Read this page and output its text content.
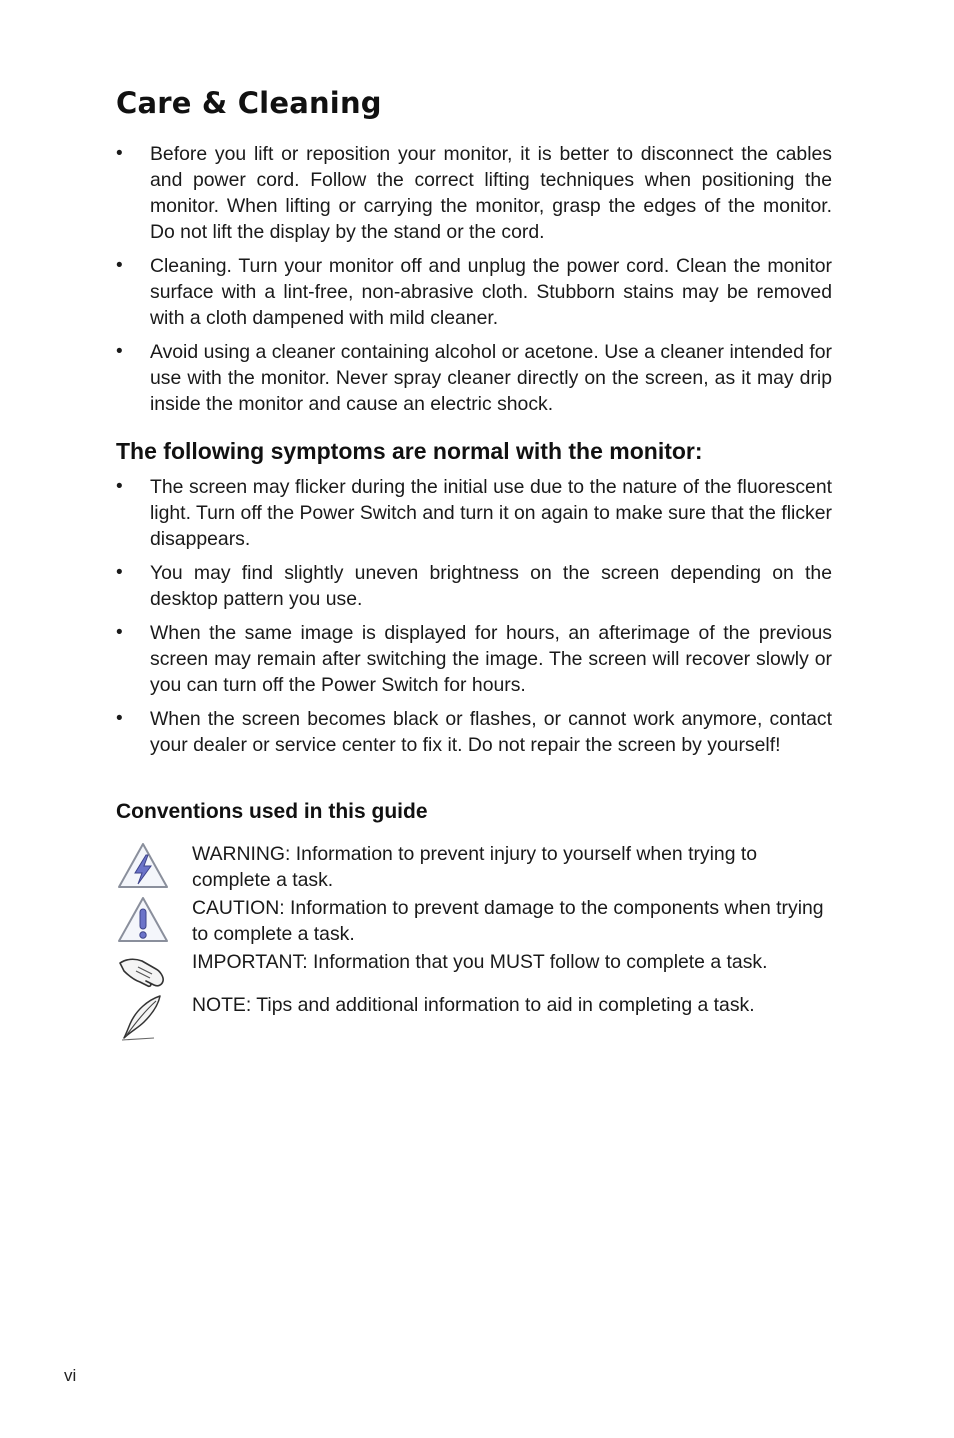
Care & Cleaning
• Before you lift or reposition your monitor, it is better to disconnect the cables and power cord. Follow the correct lifting techniques when positioning the monitor. When lifting or carrying the monitor, grasp the edges of the monitor. Do not lift the display by the stand or the cord.
• Cleaning. Turn your monitor off and unplug the power cord. Clean the monitor surface with a lint-free, non-abrasive cloth. Stubborn stains may be removed with a cloth dampened with mild cleaner.
• Avoid using a cleaner containing alcohol or acetone. Use a cleaner intended for use with the monitor. Never spray cleaner directly on the screen, as it may drip inside the monitor and cause an electric shock.
The following symptoms are normal with the monitor:
• The screen may flicker during the initial use due to the nature of the fluorescent light. Turn off the Power Switch and turn it on again to make sure that the flicker disappears.
• You may find slightly uneven brightness on the screen depending on the desktop pattern you use.
• When the same image is displayed for hours, an afterimage of the previous screen may remain after switching the image. The screen will recover slowly or you can turn off the Power Switch for hours.
• When the screen becomes black or flashes, or cannot work anymore, contact your dealer or service center to fix it. Do not repair the screen by yourself!
Conventions used in this guide
WARNING: Information to prevent injury to yourself when trying to complete a task.
CAUTION: Information to prevent damage to the components when trying to complete a task.
IMPORTANT: Information that you MUST follow to complete a task.
NOTE: Tips and additional information to aid in completing a task.
vi
